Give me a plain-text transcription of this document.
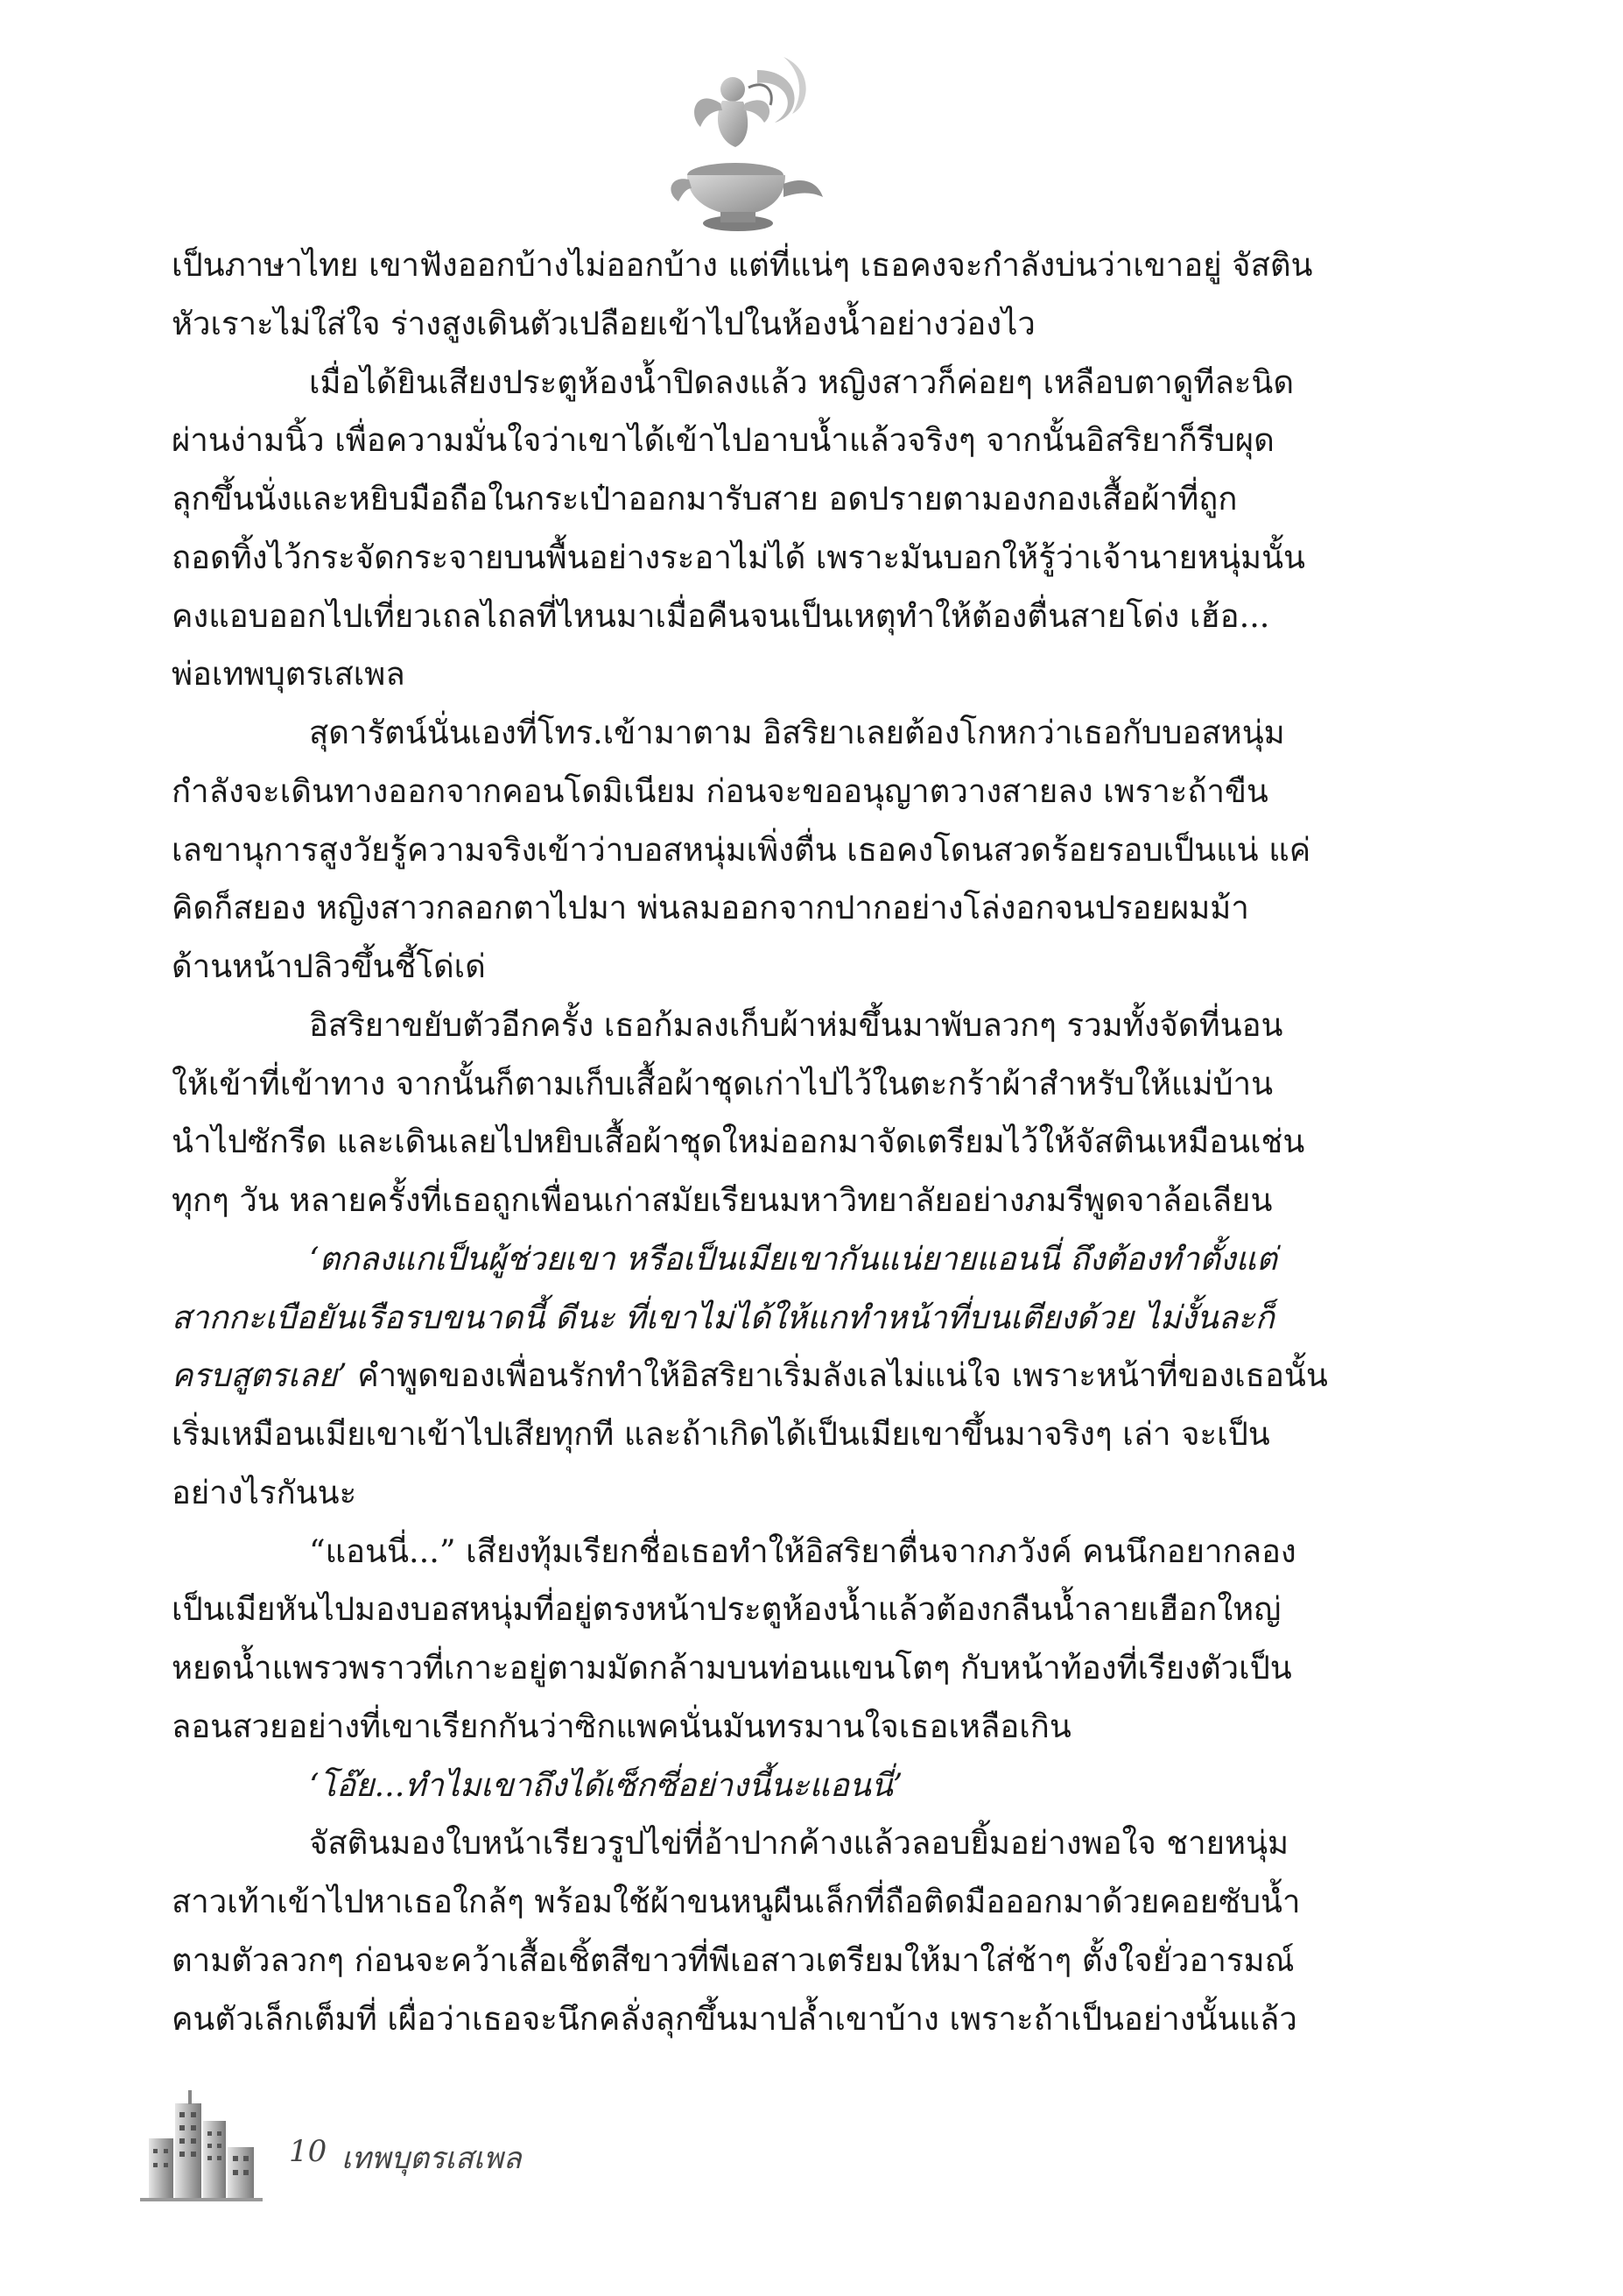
เป็นภาษาไทย เขาฟังออกบ้างไม่ออกบ้าง แต่ที่แน่ๆ เธอคงจะกำลังบ่นว่าเขาอยู่ จัสติน
หัวเราะไม่ใส่ใจ ร่างสูงเดินตัวเปลือยเข้าไปในห้องน้ำอย่างว่องไว
เมื่อได้ยินเสียงประตูห้องน้ำปิดลงแล้ว หญิงสาวก็ค่อยๆ เหลือบตาดูทีละนิด
ผ่านง่ามนิ้ว เพื่อความมั่นใจว่าเขาได้เข้าไปอาบน้ำแล้วจริงๆ จากนั้นอิสริยาก็รีบผุด
ลุกขึ้นนั่งและหยิบมือถือในกระเป๋าออกมารับสาย อดปรายตามองกองเสื้อผ้าที่ถูก
ถอดทิ้งไว้กระจัดกระจายบนพื้นอย่างระอาไม่ได้ เพราะมันบอกให้รู้ว่าเจ้านายหนุ่มนั้น
คงแอบออกไปเที่ยวเถลไถลที่ไหนมาเมื่อคืนจนเป็นเหตุทำให้ต้องตื่นสายโด่ง เฮ้อ...
พ่อเทพบุตรเสเพล
สุดารัตน์นั่นเองที่โทร.เข้ามาตาม อิสริยาเลยต้องโกหกว่าเธอกับบอสหนุ่ม
กำลังจะเดินทางออกจากคอนโดมิเนียม ก่อนจะขออนุญาตวางสายลง เพราะถ้าขืน
เลขานุการสูงวัยรู้ความจริงเข้าว่าบอสหนุ่มเพิ่งตื่น เธอคงโดนสวดร้อยรอบเป็นแน่ แค่
คิดก็สยอง หญิงสาวกลอกตาไปมา พ่นลมออกจากปากอย่างโล่งอกจนปรอยผมม้า
ด้านหน้าปลิวขึ้นชี้โด่เด่
อิสริยาขยับตัวอีกครั้ง เธอก้มลงเก็บผ้าห่มขึ้นมาพับลวกๆ รวมทั้งจัดที่นอน
ให้เข้าที่เข้าทาง จากนั้นก็ตามเก็บเสื้อผ้าชุดเก่าไปไว้ในตะกร้าผ้าสำหรับให้แม่บ้าน
นำไปซักรีด และเดินเลยไปหยิบเสื้อผ้าชุดใหม่ออกมาจัดเตรียมไว้ให้จัสตินเหมือนเช่น
ทุกๆ วัน หลายครั้งที่เธอถูกเพื่อนเก่าสมัยเรียนมหาวิทยาลัยอย่างภมรีพูดจาล้อเลียน
‘ตกลงแกเป็นผู้ช่วยเขา หรือเป็นเมียเขากันแน่ยายแอนนี่ ถึงต้องทำตั้งแต่
สากกะเบือยันเรือรบขนาดนี้ ดีนะ ที่เขาไม่ได้ให้แกทำหน้าที่บนเตียงด้วย ไม่งั้นละก็
ครบสูตรเลย’ คำพูดของเพื่อนรักทำให้อิสริยาเริ่มลังเลไม่แน่ใจ เพราะหน้าที่ของเธอนั้น
เริ่มเหมือนเมียเขาเข้าไปเสียทุกที และถ้าเกิดได้เป็นเมียเขาขึ้นมาจริงๆ เล่า จะเป็น
อย่างไรกันนะ
“แอนนี่...” เสียงทุ้มเรียกชื่อเธอทำให้อิสริยาตื่นจากภวังค์ คนนึกอยากลอง
เป็นเมียหันไปมองบอสหนุ่มที่อยู่ตรงหน้าประตูห้องน้ำแล้วต้องกลืนน้ำลายเฮือกใหญ่
หยดน้ำแพรวพราวที่เกาะอยู่ตามมัดกล้ามบนท่อนแขนโตๆ กับหน้าท้องที่เรียงตัวเป็น
ลอนสวยอย่างที่เขาเรียกกันว่าซิกแพคนั่นมันทรมานใจเธอเหลือเกิน
‘โอ๊ย...ทำไมเขาถึงได้เซ็กซี่อย่างนี้นะแอนนี่’
จัสตินมองใบหน้าเรียวรูปไข่ที่อ้าปากค้างแล้วลอบยิ้มอย่างพอใจ ชายหนุ่ม
สาวเท้าเข้าไปหาเธอใกล้ๆ พร้อมใช้ผ้าขนหนูผืนเล็กที่ถือติดมือออกมาด้วยคอยซับน้ำ
ตามตัวลวกๆ ก่อนจะคว้าเสื้อเชิ้ตสีขาวที่พีเอสาวเตรียมให้มาใส่ช้าๆ ตั้งใจยั่วอารมณ์
คนตัวเล็กเต็มที่ เผื่อว่าเธอจะนึกคลั่งลุกขึ้นมาปล้ำเขาบ้าง เพราะถ้าเป็นอย่างนั้นแล้ว
10 เทพบุตรเสเพล
